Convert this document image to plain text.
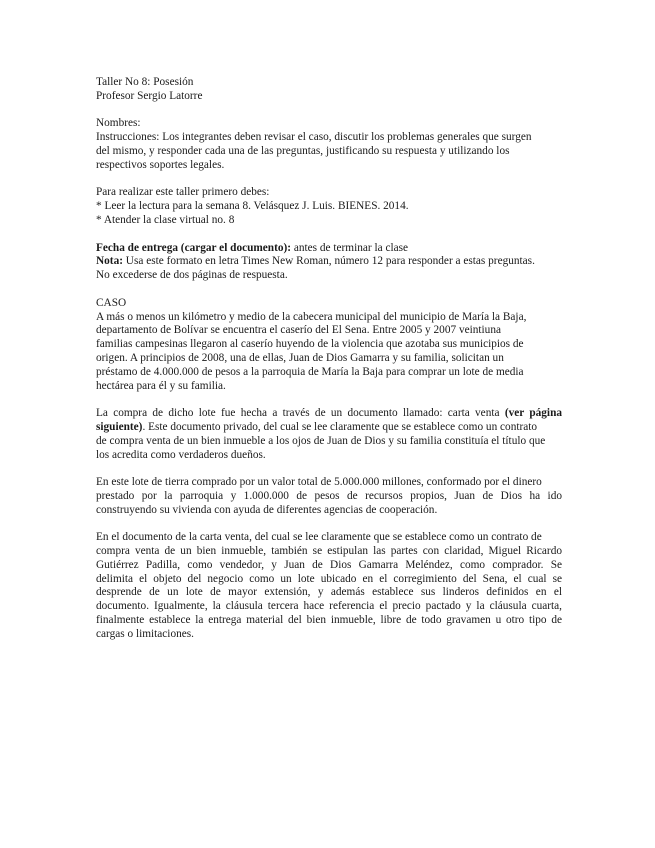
Taller No 8: Posesión
Profesor Sergio Latorre
Nombres:
Instrucciones: Los integrantes deben revisar el caso, discutir los problemas generales que surgen
del mismo, y responder cada una de las preguntas, justificando su respuesta y utilizando los
respectivos soportes legales.
Para realizar este taller primero debes:
* Leer la lectura para la semana 8. Velásquez J. Luis. BIENES. 2014.
* Atender la clase virtual no. 8
Fecha de entrega (cargar el documento): antes de terminar la clase
Nota: Usa este formato en letra Times New Roman, número 12 para responder a estas preguntas.
No excederse de dos páginas de respuesta.
CASO
A más o menos un kilómetro y medio de la cabecera municipal del municipio de María la Baja,
departamento de Bolívar se encuentra el caserío del El Sena. Entre 2005 y 2007 veintiuna
familias campesinas llegaron al caserío huyendo de la violencia que azotaba sus municipios de
origen. A principios de 2008, una de ellas, Juan de Dios Gamarra y su familia, solicitan un
préstamo de 4.000.000 de pesos a la parroquia de María la Baja para comprar un lote de media
hectárea para él y su familia.
La compra de dicho lote fue hecha a través de un documento llamado: carta venta (ver página
siguiente). Este documento privado, del cual se lee claramente que se establece como un contrato
de compra venta de un bien inmueble a los ojos de Juan de Dios y su familia constituía el título que
los acredita como verdaderos dueños.
En este lote de tierra comprado por un valor total de 5.000.000 millones, conformado por el dinero
prestado por la parroquia y 1.000.000 de pesos de recursos propios, Juan de Dios ha ido
construyendo su vivienda con ayuda de diferentes agencias de cooperación.
En el documento de la carta venta, del cual se lee claramente que se establece como un contrato de
compra venta de un bien inmueble, también se estipulan las partes con claridad, Miguel Ricardo
Gutiérrez Padilla, como vendedor, y Juan de Dios Gamarra Meléndez, como comprador. Se
delimita el objeto del negocio como un lote ubicado en el corregimiento del Sena, el cual se
desprende de un lote de mayor extensión, y además establece sus linderos definidos en el
documento. Igualmente, la cláusula tercera hace referencia el precio pactado y la cláusula cuarta,
finalmente establece la entrega material del bien inmueble, libre de todo gravamen u otro tipo de
cargas o limitaciones.
